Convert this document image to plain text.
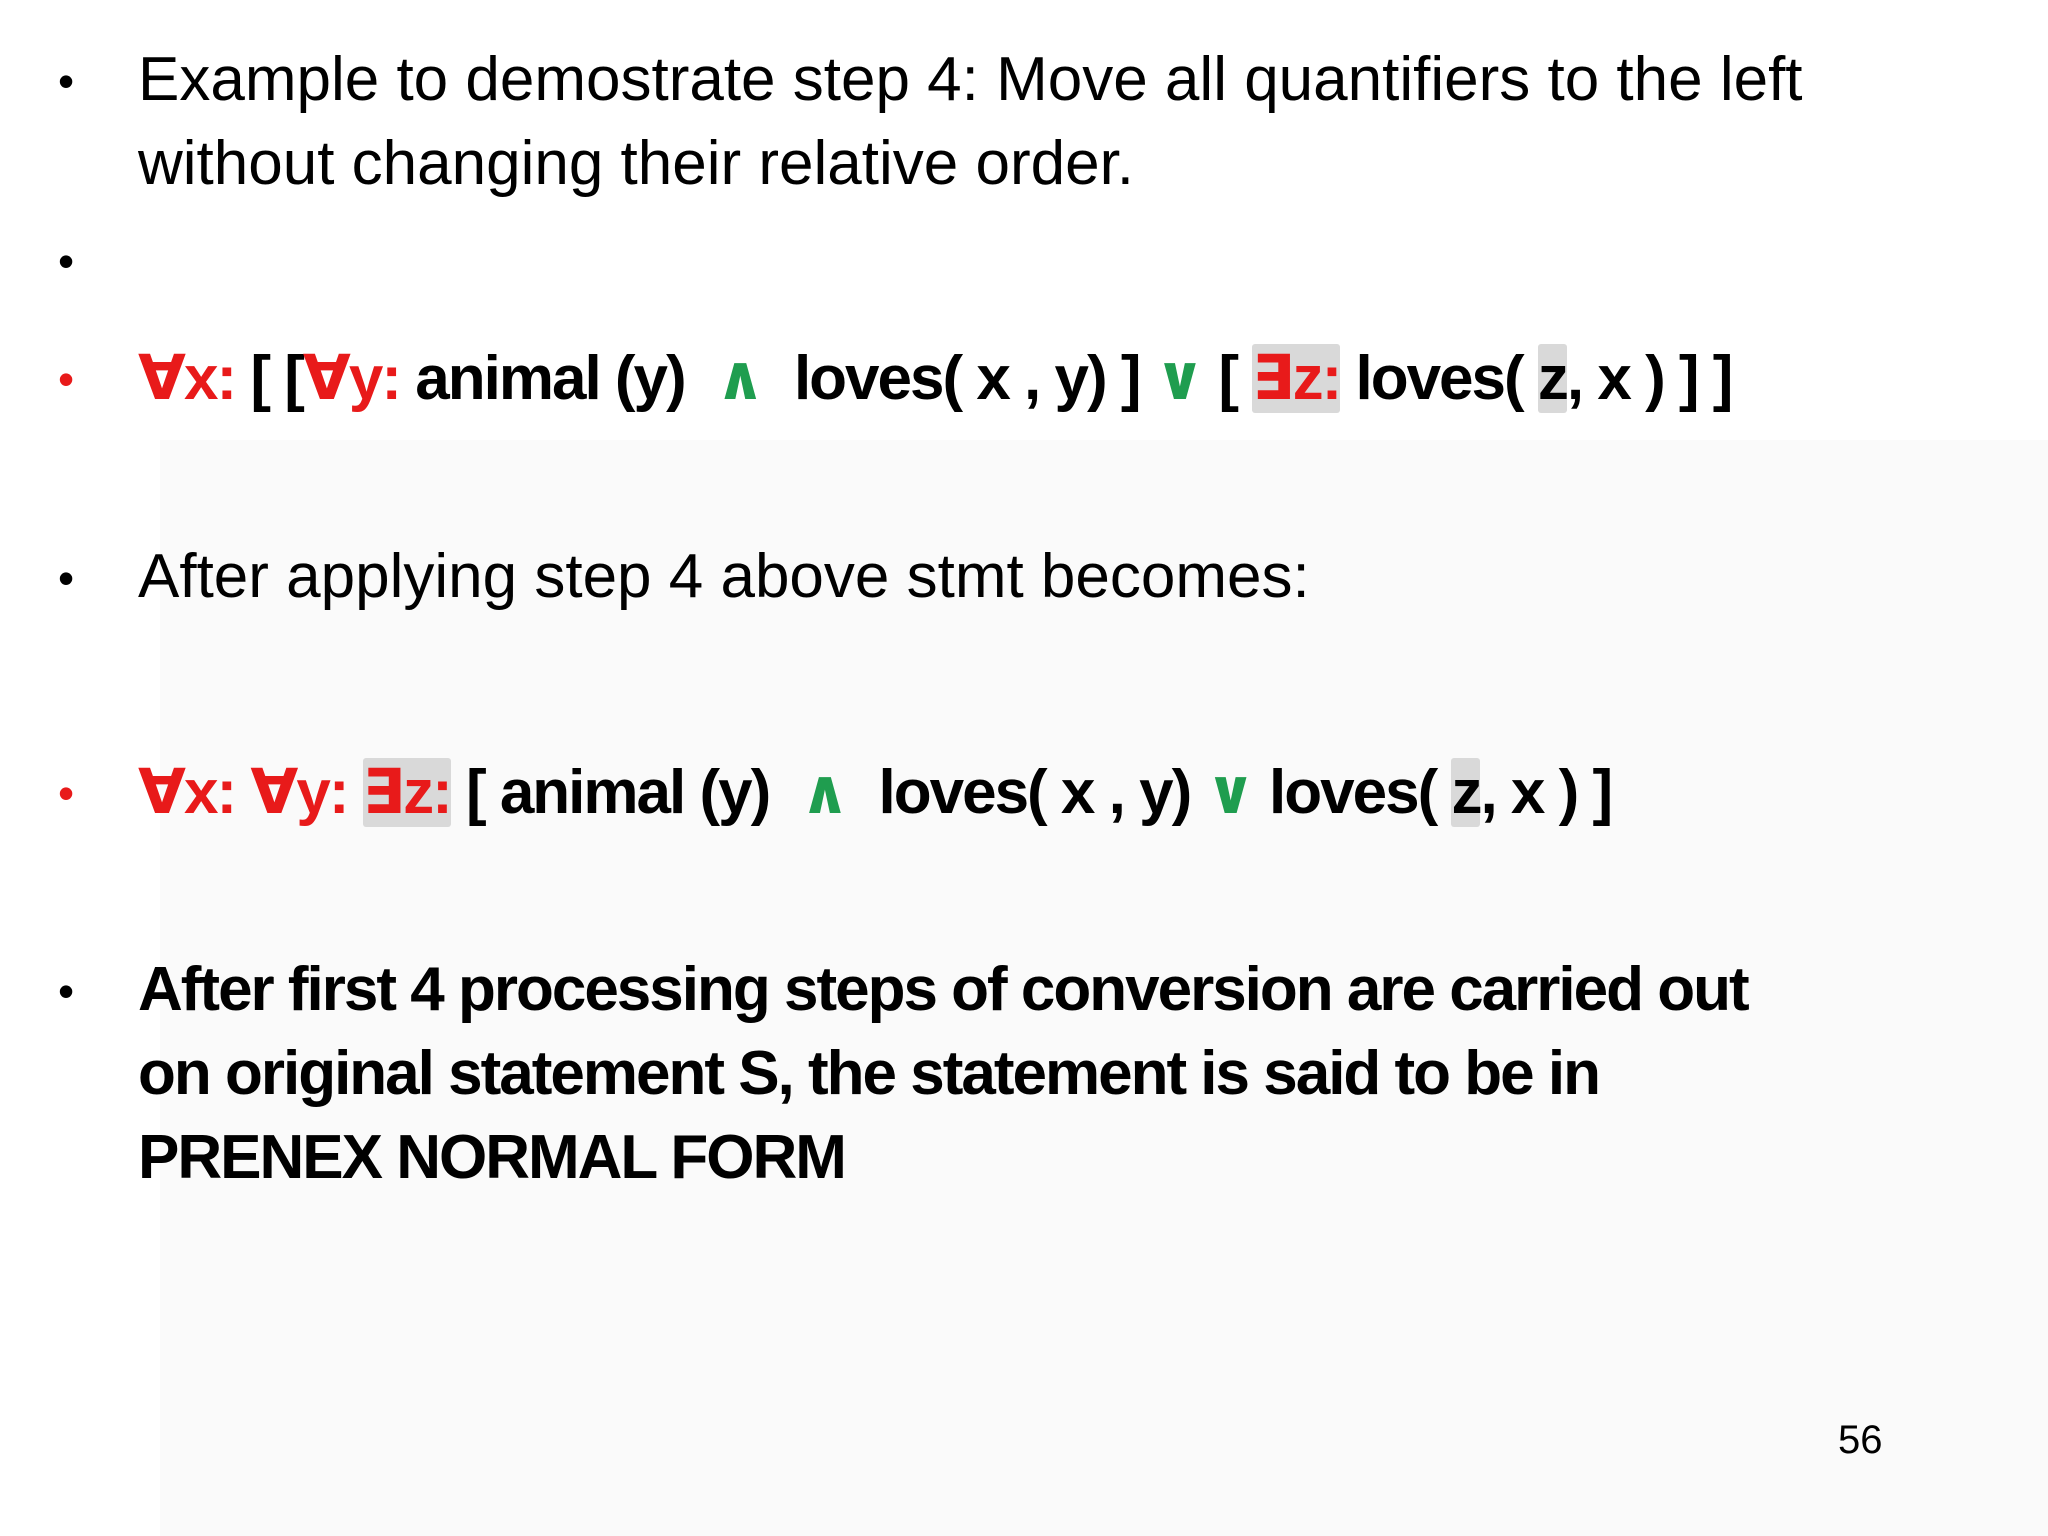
• Example to demostrate step 4: Move all quantifiers to the left
without changing their relative order.
•
• ∀x: [ [∀y: animal (y) ∧ loves( x , y) ] ∨ [ ∃z: loves( z, x ) ] ]
• After applying step 4 above stmt becomes:
• ∀x: ∀y: ∃z: [ animal (y) ∧ loves( x , y) ∨ loves( z, x ) ]
• After first 4 processing steps of conversion are carried out
on original statement S, the statement is said to be in
PRENEX NORMAL FORM
56
